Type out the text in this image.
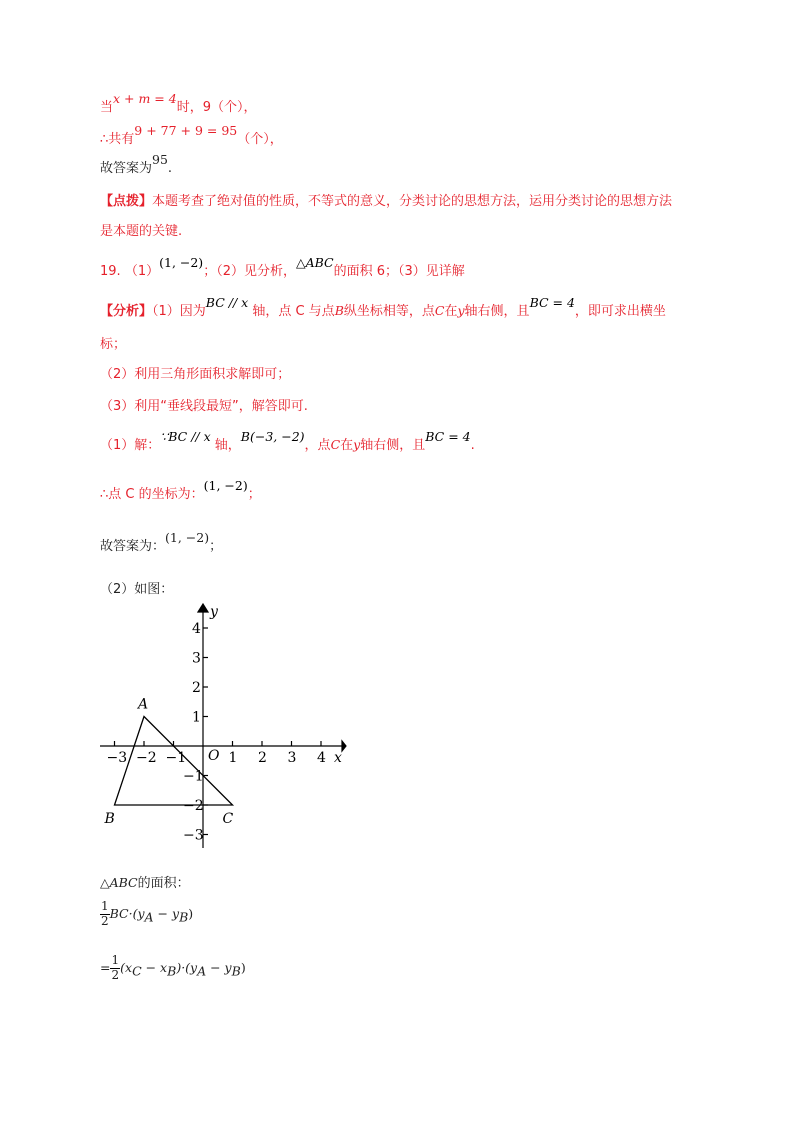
当x + m = 4时，9（个），
∴共有9 + 77 + 9 = 95（个），
故答案为95.
【点拨】本题考查了绝对值的性质，不等式的意义，分类讨论的思想方法，运用分类讨论的思想方法
是本题的关键.
19. （1）(1, −2)；（2）见分析，△ABC的面积 6；（3）见详解
【分析】（1）因为BC // x 轴，点 C 与点B纵坐标相等，点C在y轴右侧，且BC = 4，即可求出横坐
标；
（2）利用三角形面积求解即可；
（3）利用“垂线段最短”，解答即可.
（1）解：∵BC // x 轴，B(−3, −2)，点C在y轴右侧，且BC = 4.
∴点 C 的坐标为：(1, −2)；
故答案为：(1, −2)；
（2）如图：
−3 −2 −1	1 2 3 4
4
3
2
1
−1
−2
−3
O	x
y
A
B	C
△ABC的面积：
$\frac{1}{2} BC\cdot(y_A - y_B)$
= $\frac{1}{2} (x_C - x_B)\cdot(y_A - y_B)$
